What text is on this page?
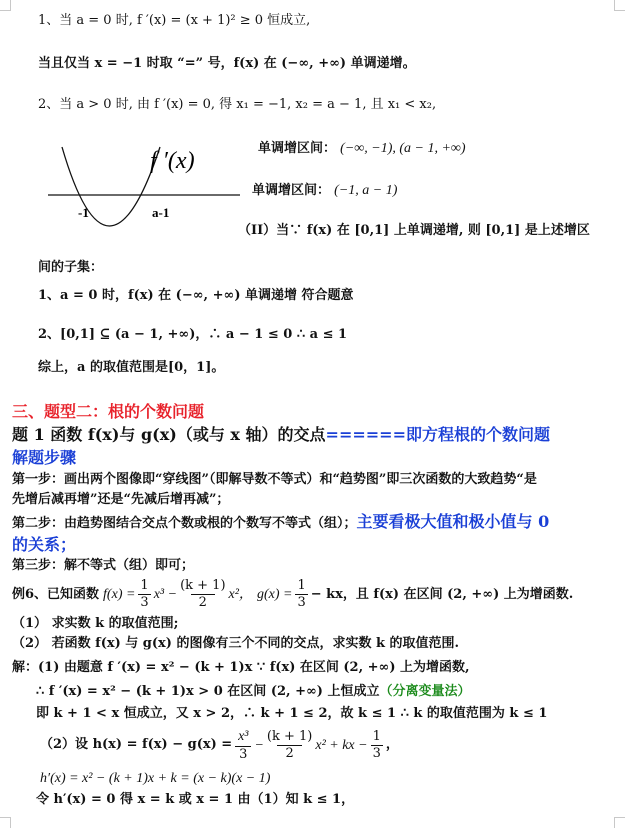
1、当 a = 0 时, f ′(x) = (x + 1)² ≥ 0 恒成立,
当且仅当 x = −1 时取 “=” 号，f(x) 在 (−∞, +∞) 单调递增。
2、当 a > 0 时, 由 f ′(x) = 0, 得 x₁ = −1, x₂ = a − 1, 且 x₁ < x₂,
f ′(x)
-1	a-1
单调增区间： (−∞, −1), (a − 1, +∞)
单调增区间： (−1, a − 1)
（II）当∵ f(x) 在 [0,1] 上单调递增, 则 [0,1] 是上述增区
间的子集：
1、a = 0 时，f(x) 在 (−∞, +∞) 单调递增 符合题意
2、[0,1] ⊆ (a − 1, +∞)，∴ a − 1 ≤ 0 ∴ a ≤ 1
综上，a 的取值范围是[0，1]。
三、题型二：根的个数问题
题 1 函数 f(x)与 g(x)（或与 x 轴）的交点======即方程根的个数问题
解题步骤
第一步：画出两个图像即“穿线图”（即解导数不等式）和“趋势图”即三次函数的大致趋势“是
先增后减再增”还是“先减后增再减”；
第二步：由趋势图结合交点个数或根的个数写不等式（组）；主要看极大值和极小值与 0
的关系；
第三步：解不等式（组）即可；
例6、已知函数 $f(x) = \frac{1}{3} x^3 - \frac{(k + 1)}{2} x^2$， $g(x) = \frac{1}{3}$ − kx，且 f(x) 在区间 (2, +∞) 上为增函数.
（1） 求实数 k 的取值范围;
（2） 若函数 f(x) 与 g(x) 的图像有三个不同的交点，求实数 k 的取值范围.
解：(1) 由题意 f ′(x) = x² − (k + 1)x ∵ f(x) 在区间 (2, +∞) 上为增函数,
∴ f ′(x) = x² − (k + 1)x > 0 在区间 (2, +∞) 上恒成立（分离变量法）
即 k + 1 < x 恒成立，又 x > 2，∴ k + 1 ≤ 2，故 k ≤ 1 ∴ k 的取值范围为 k ≤ 1
（2）设 $h(x) = f(x) - g(x) = \frac{\text{x³}}{3} - \frac{(k + 1)}{2} x^2$ + kx − $\frac{1}{3}$ ，
h′(x) = x² − (k + 1)x + k = (x − k)(x − 1)
令 h′(x) = 0 得 x = k 或 x = 1 由（1）知 k ≤ 1，
